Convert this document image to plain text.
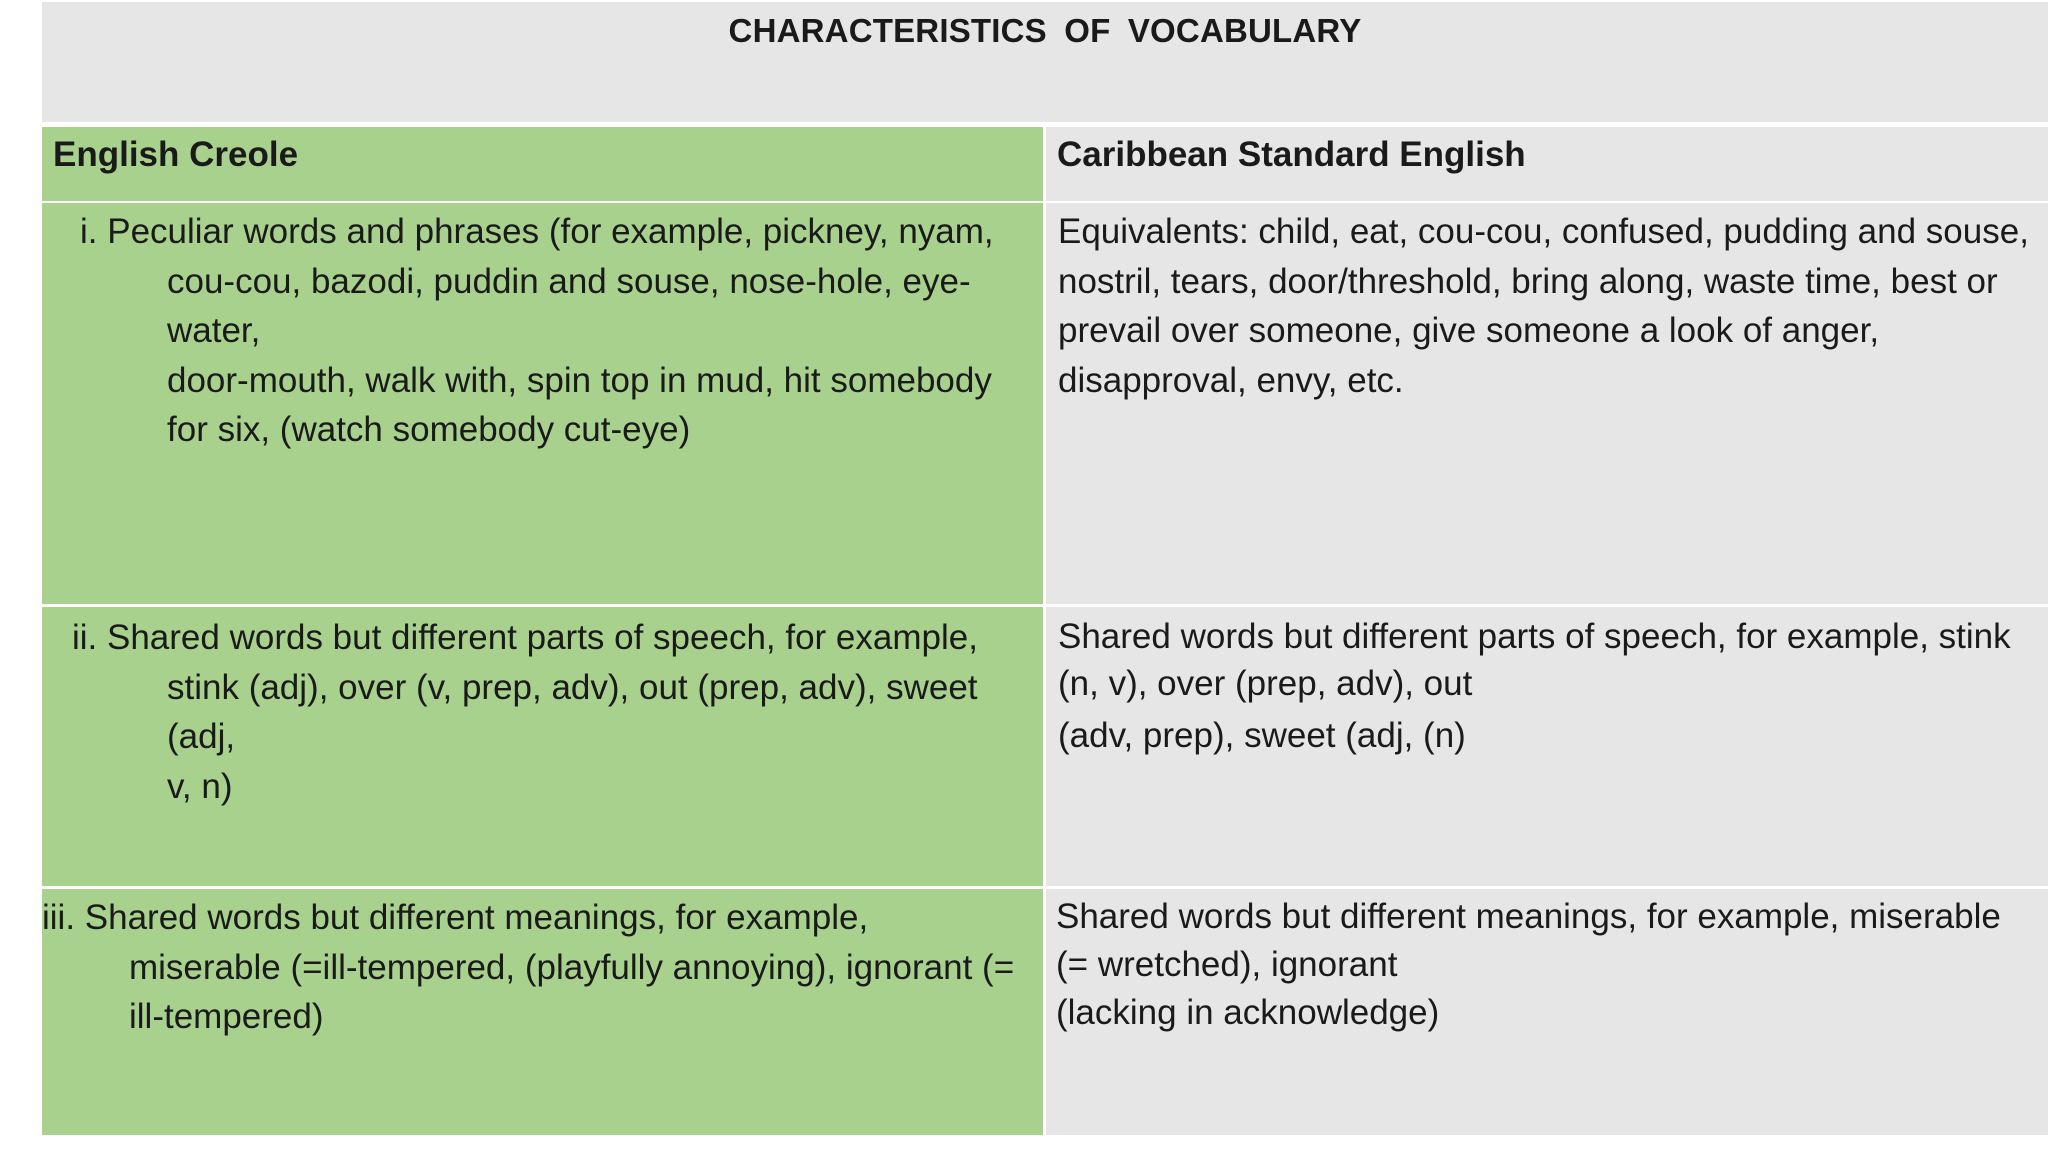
CHARACTERISTICS OF VOCABULARY
English Creole	Caribbean Standard English
i. Peculiar words and phrases (for example, pickney, nyam,
cou-cou, bazodi, puddin and souse, nose-hole, eye-water,
door-mouth, walk with, spin top in mud, hit somebody
for six, (watch somebody cut-eye)
Equivalents: child, eat, cou-cou, confused, pudding and souse,
nostril, tears, door/threshold, bring along, waste time, best or
prevail over someone, give someone a look of anger,
disapproval, envy, etc.
ii. Shared words but different parts of speech, for example,
stink (adj), over (v, prep, adv), out (prep, adv), sweet (adj,
v, n)
Shared words but different parts of speech, for example, stink
(n, v), over (prep, adv), out
(adv, prep), sweet (adj, (n)
iii. Shared words but different meanings, for example,
miserable (=ill-tempered, (playfully annoying), ignorant (=
ill-tempered)
Shared words but different meanings, for example, miserable
(= wretched), ignorant
(lacking in acknowledge)
